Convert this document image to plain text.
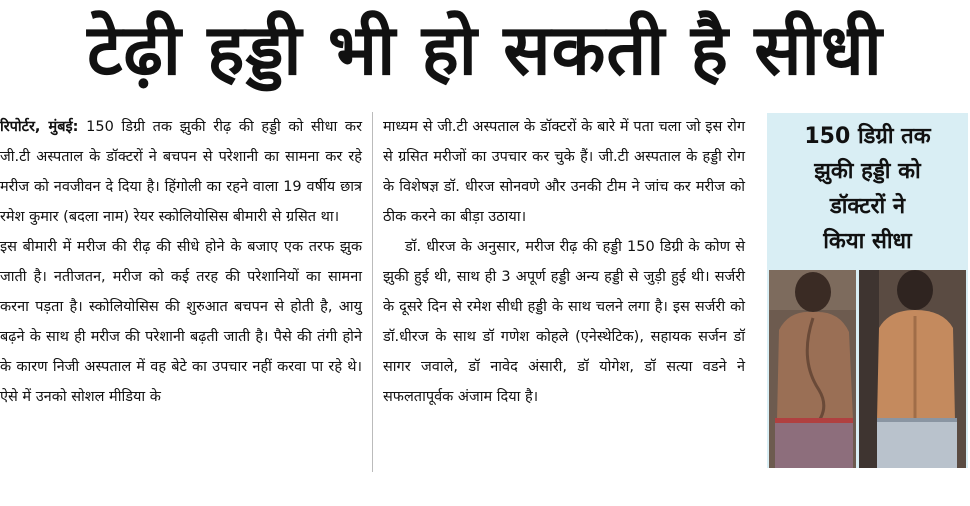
टेढ़ी हड्डी भी हो सकती है सीधी

रिपोर्टर, मुंबई: 150 डिग्री तक झुकी रीढ़ की हड्डी को सीधा कर जी.टी अस्पताल के डॉक्टरों ने बचपन से परेशानी का सामना कर रहे मरीज को नवजीवन दे दिया है। हिंगोली का रहने वाला 19 वर्षीय छात्र रमेश कुमार (बदला नाम) रेयर स्कोलियोसिस बीमारी से ग्रसित था।

इस बीमारी में मरीज की रीढ़ की सीधे होने के बजाए एक तरफ झुक जाती है। नतीजतन, मरीज को कई तरह की परेशानियों का सामना करना पड़ता है। स्कोलियोसिस की शुरुआत बचपन से होती है, आयु बढ़ने के साथ ही मरीज की परेशानी बढ़ती जाती है। पैसे की तंगी होने के कारण निजी अस्पताल में वह बेटे का उपचार नहीं करवा पा रहे थे। ऐसे में उनको सोशल मीडिया के

माध्यम से जी.टी अस्पताल के डॉक्टरों के बारे में पता चला जो इस रोग से ग्रसित मरीजों का उपचार कर चुके हैं। जी.टी अस्पताल के हड्डी रोग के विशेषज्ञ डॉ. धीरज सोनवणे और उनकी टीम ने जांच कर मरीज को ठीक करने का बीड़ा उठाया।

डॉ. धीरज के अनुसार, मरीज रीढ़ की हड्डी 150 डिग्री के कोण से झुकी हुई थी, साथ ही 3 अपूर्ण हड्डी अन्य हड्डी से जुड़ी हुई थी। सर्जरी के दूसरे दिन से रमेश सीधी हड्डी के साथ चलने लगा है। इस सर्जरी को डॉ.धीरज के साथ डॉ गणेश कोहले (एनेस्थेटिक), सहायक सर्जन डॉ सागर जवाले, डॉ नावेद अंसारी, डॉ योगेश, डॉ सत्या वडने ने सफलतापूर्वक अंजाम दिया है।

150 डिग्री तक
झुकी हड्डी को
डॉक्टरों ने
किया सीधा
